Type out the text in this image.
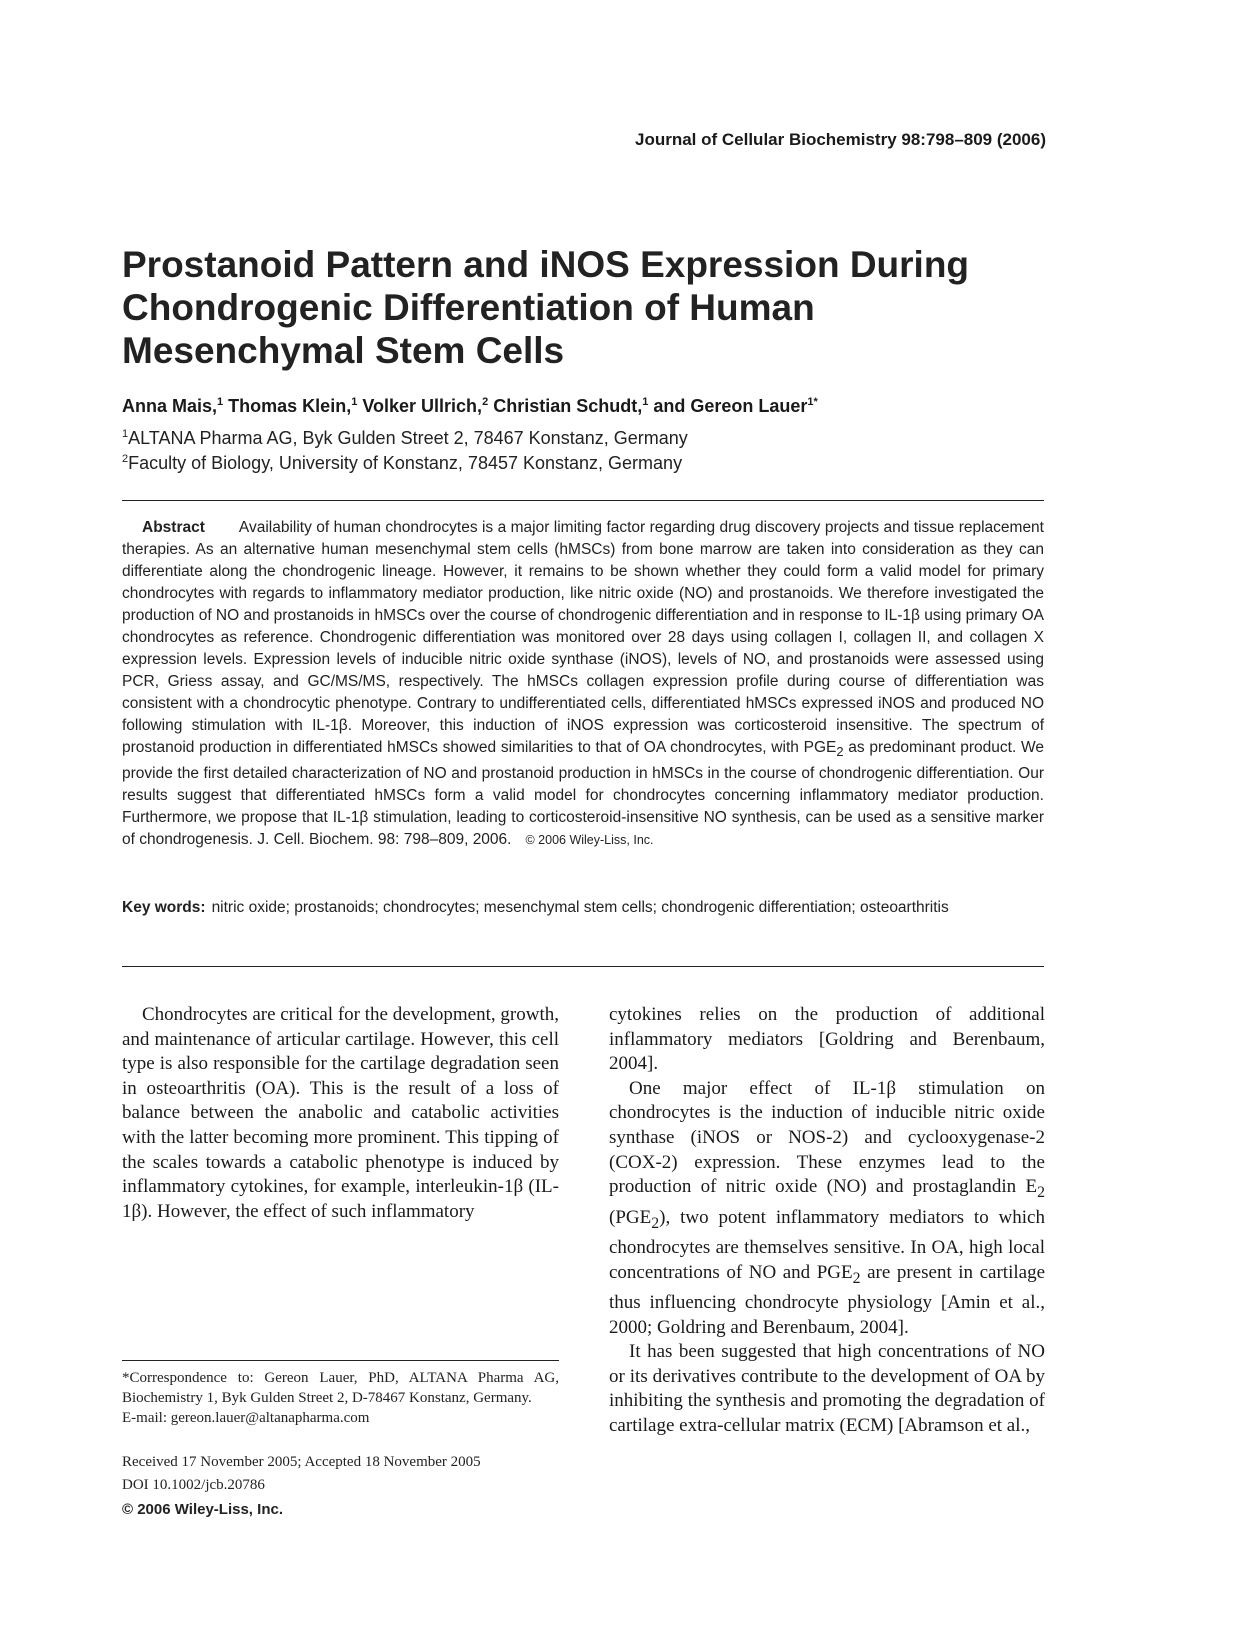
Journal of Cellular Biochemistry 98:798–809 (2006)
Prostanoid Pattern and iNOS Expression During
Chondrogenic Differentiation of Human
Mesenchymal Stem Cells
Anna Mais,$^1$ Thomas Klein,$^1$ Volker Ullrich,$^2$ Christian Schudt,$^1$ and Gereon Lauer$^{1*}$
$^1$ALTANA Pharma AG, Byk Gulden Street 2, 78467 Konstanz, Germany
$^2$Faculty of Biology, University of Konstanz, 78457 Konstanz, Germany

Abstract Availability of human chondrocytes is a major limiting factor regarding drug discovery projects and tissue replacement therapies. As an alternative human mesenchymal stem cells (hMSCs) from bone marrow are taken into consideration as they can differentiate along the chondrogenic lineage. However, it remains to be shown whether they could form a valid model for primary chondrocytes with regards to inflammatory mediator production, like nitric oxide (NO) and prostanoids. We therefore investigated the production of NO and prostanoids in hMSCs over the course of chondrogenic differentiation and in response to IL-1β using primary OA chondrocytes as reference. Chondrogenic differentiation was monitored over 28 days using collagen I, collagen II, and collagen X expression levels. Expression levels of inducible nitric oxide synthase (iNOS), levels of NO, and prostanoids were assessed using PCR, Griess assay, and GC/MS/MS, respectively. The hMSCs collagen expression profile during course of differentiation was consistent with a chondrocytic phenotype. Contrary to undifferentiated cells, differentiated hMSCs expressed iNOS and produced NO following stimulation with IL-1β. Moreover, this induction of iNOS expression was corticosteroid insensitive. The spectrum of prostanoid production in differentiated hMSCs showed similarities to that of OA chondrocytes, with $PGE_2$ as predominant product. We provide the first detailed characterization of NO and prostanoid production in hMSCs in the course of chondrogenic differentiation. Our results suggest that differentiated hMSCs form a valid model for chondrocytes concerning inflammatory mediator production. Furthermore, we propose that IL-1β stimulation, leading to corticosteroid-insensitive NO synthesis, can be used as a sensitive marker of chondrogenesis. J. Cell. Biochem. 98: 798–809, 2006. © 2006 Wiley-Liss, Inc.

Key words: nitric oxide; prostanoids; chondrocytes; mesenchymal stem cells; chondrogenic differentiation; osteoarthritis

Chondrocytes are critical for the development, growth, and maintenance of articular cartilage. However, this cell type is also responsible for the cartilage degradation seen in osteoarthritis (OA). This is the result of a loss of balance between the anabolic and catabolic activities with the latter becoming more prominent. This tipping of the scales towards a catabolic phenotype is induced by inflammatory cytokines, for example, interleukin-1β (IL-1β). However, the effect of such inflammatory

cytokines relies on the production of additional inflammatory mediators [Goldring and Berenbaum, 2004].

One major effect of IL-1β stimulation on chondrocytes is the induction of inducible nitric oxide synthase (iNOS or NOS-2) and cyclooxygenase-2 (COX-2) expression. These enzymes lead to the production of nitric oxide (NO) and prostaglandin $E_2$ $(PGE_2)$, two potent inflammatory mediators to which chondrocytes are themselves sensitive. In OA, high local concentrations of NO and $PGE_2$ are present in cartilage thus influencing chondrocyte physiology [Amin et al., 2000; Goldring and Berenbaum, 2004].

It has been suggested that high concentrations of NO or its derivatives contribute to the development of OA by inhibiting the synthesis and promoting the degradation of cartilage extra-cellular matrix (ECM) [Abramson et al.,

*Correspondence to: Gereon Lauer, PhD, ALTANA Pharma AG, Biochemistry 1, Byk Gulden Street 2, D-78467 Konstanz, Germany.
E-mail: gereon.lauer@altanapharma.com

Received 17 November 2005; Accepted 18 November 2005

DOI 10.1002/jcb.20786

© 2006 Wiley-Liss, Inc.
